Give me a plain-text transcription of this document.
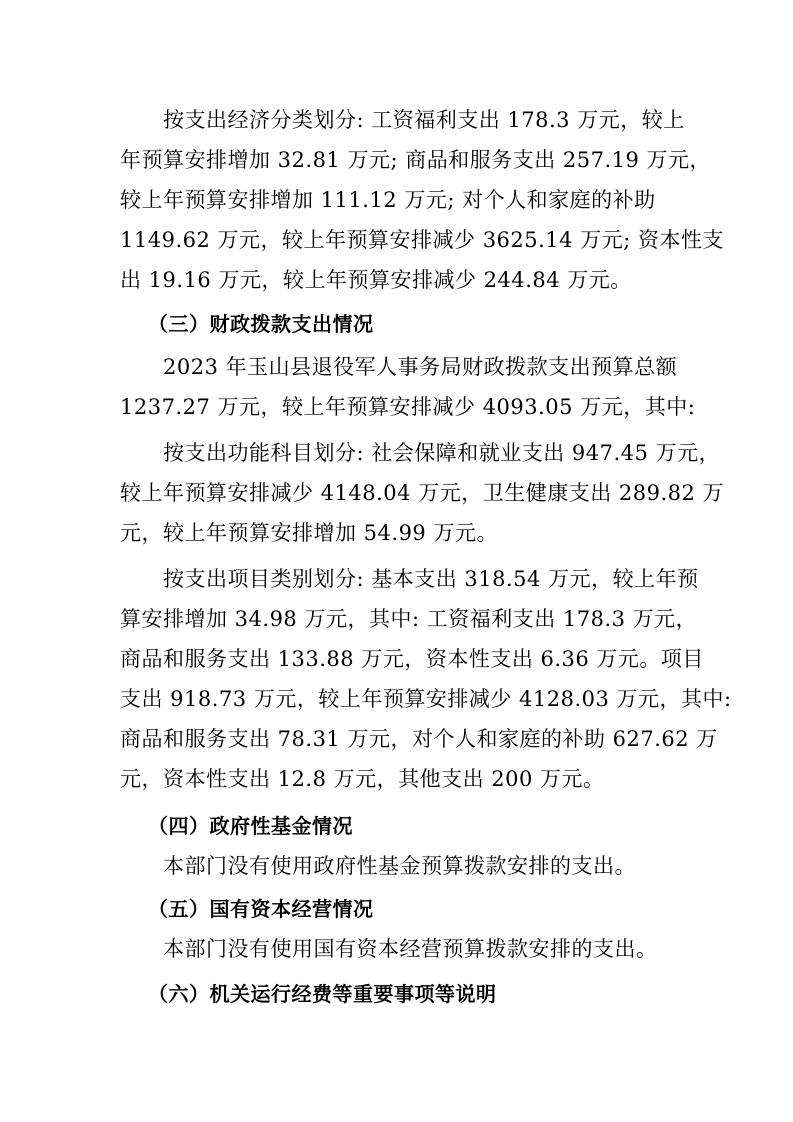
按支出经济分类划分: 工资福利支出 178.3 万元，较上
年预算安排增加 32.81 万元; 商品和服务支出 257.19 万元，
较上年预算安排增加 111.12 万元; 对个人和家庭的补助
1149.62 万元，较上年预算安排减少 3625.14 万元; 资本性支
出 19.16 万元，较上年预算安排减少 244.84 万元。
（三）财政拨款支出情况
2023 年玉山县退役军人事务局财政拨款支出预算总额
1237.27 万元，较上年预算安排减少 4093.05 万元，其中:
按支出功能科目划分: 社会保障和就业支出 947.45 万元，
较上年预算安排减少 4148.04 万元，卫生健康支出 289.82 万
元，较上年预算安排增加 54.99 万元。
按支出项目类别划分: 基本支出 318.54 万元，较上年预
算安排增加 34.98 万元，其中: 工资福利支出 178.3 万元，
商品和服务支出 133.88 万元，资本性支出 6.36 万元。项目
支出 918.73 万元，较上年预算安排减少 4128.03 万元，其中:
商品和服务支出 78.31 万元，对个人和家庭的补助 627.62 万
元，资本性支出 12.8 万元，其他支出 200 万元。
（四）政府性基金情况
本部门没有使用政府性基金预算拨款安排的支出。
（五）国有资本经营情况
本部门没有使用国有资本经营预算拨款安排的支出。
（六）机关运行经费等重要事项等说明
